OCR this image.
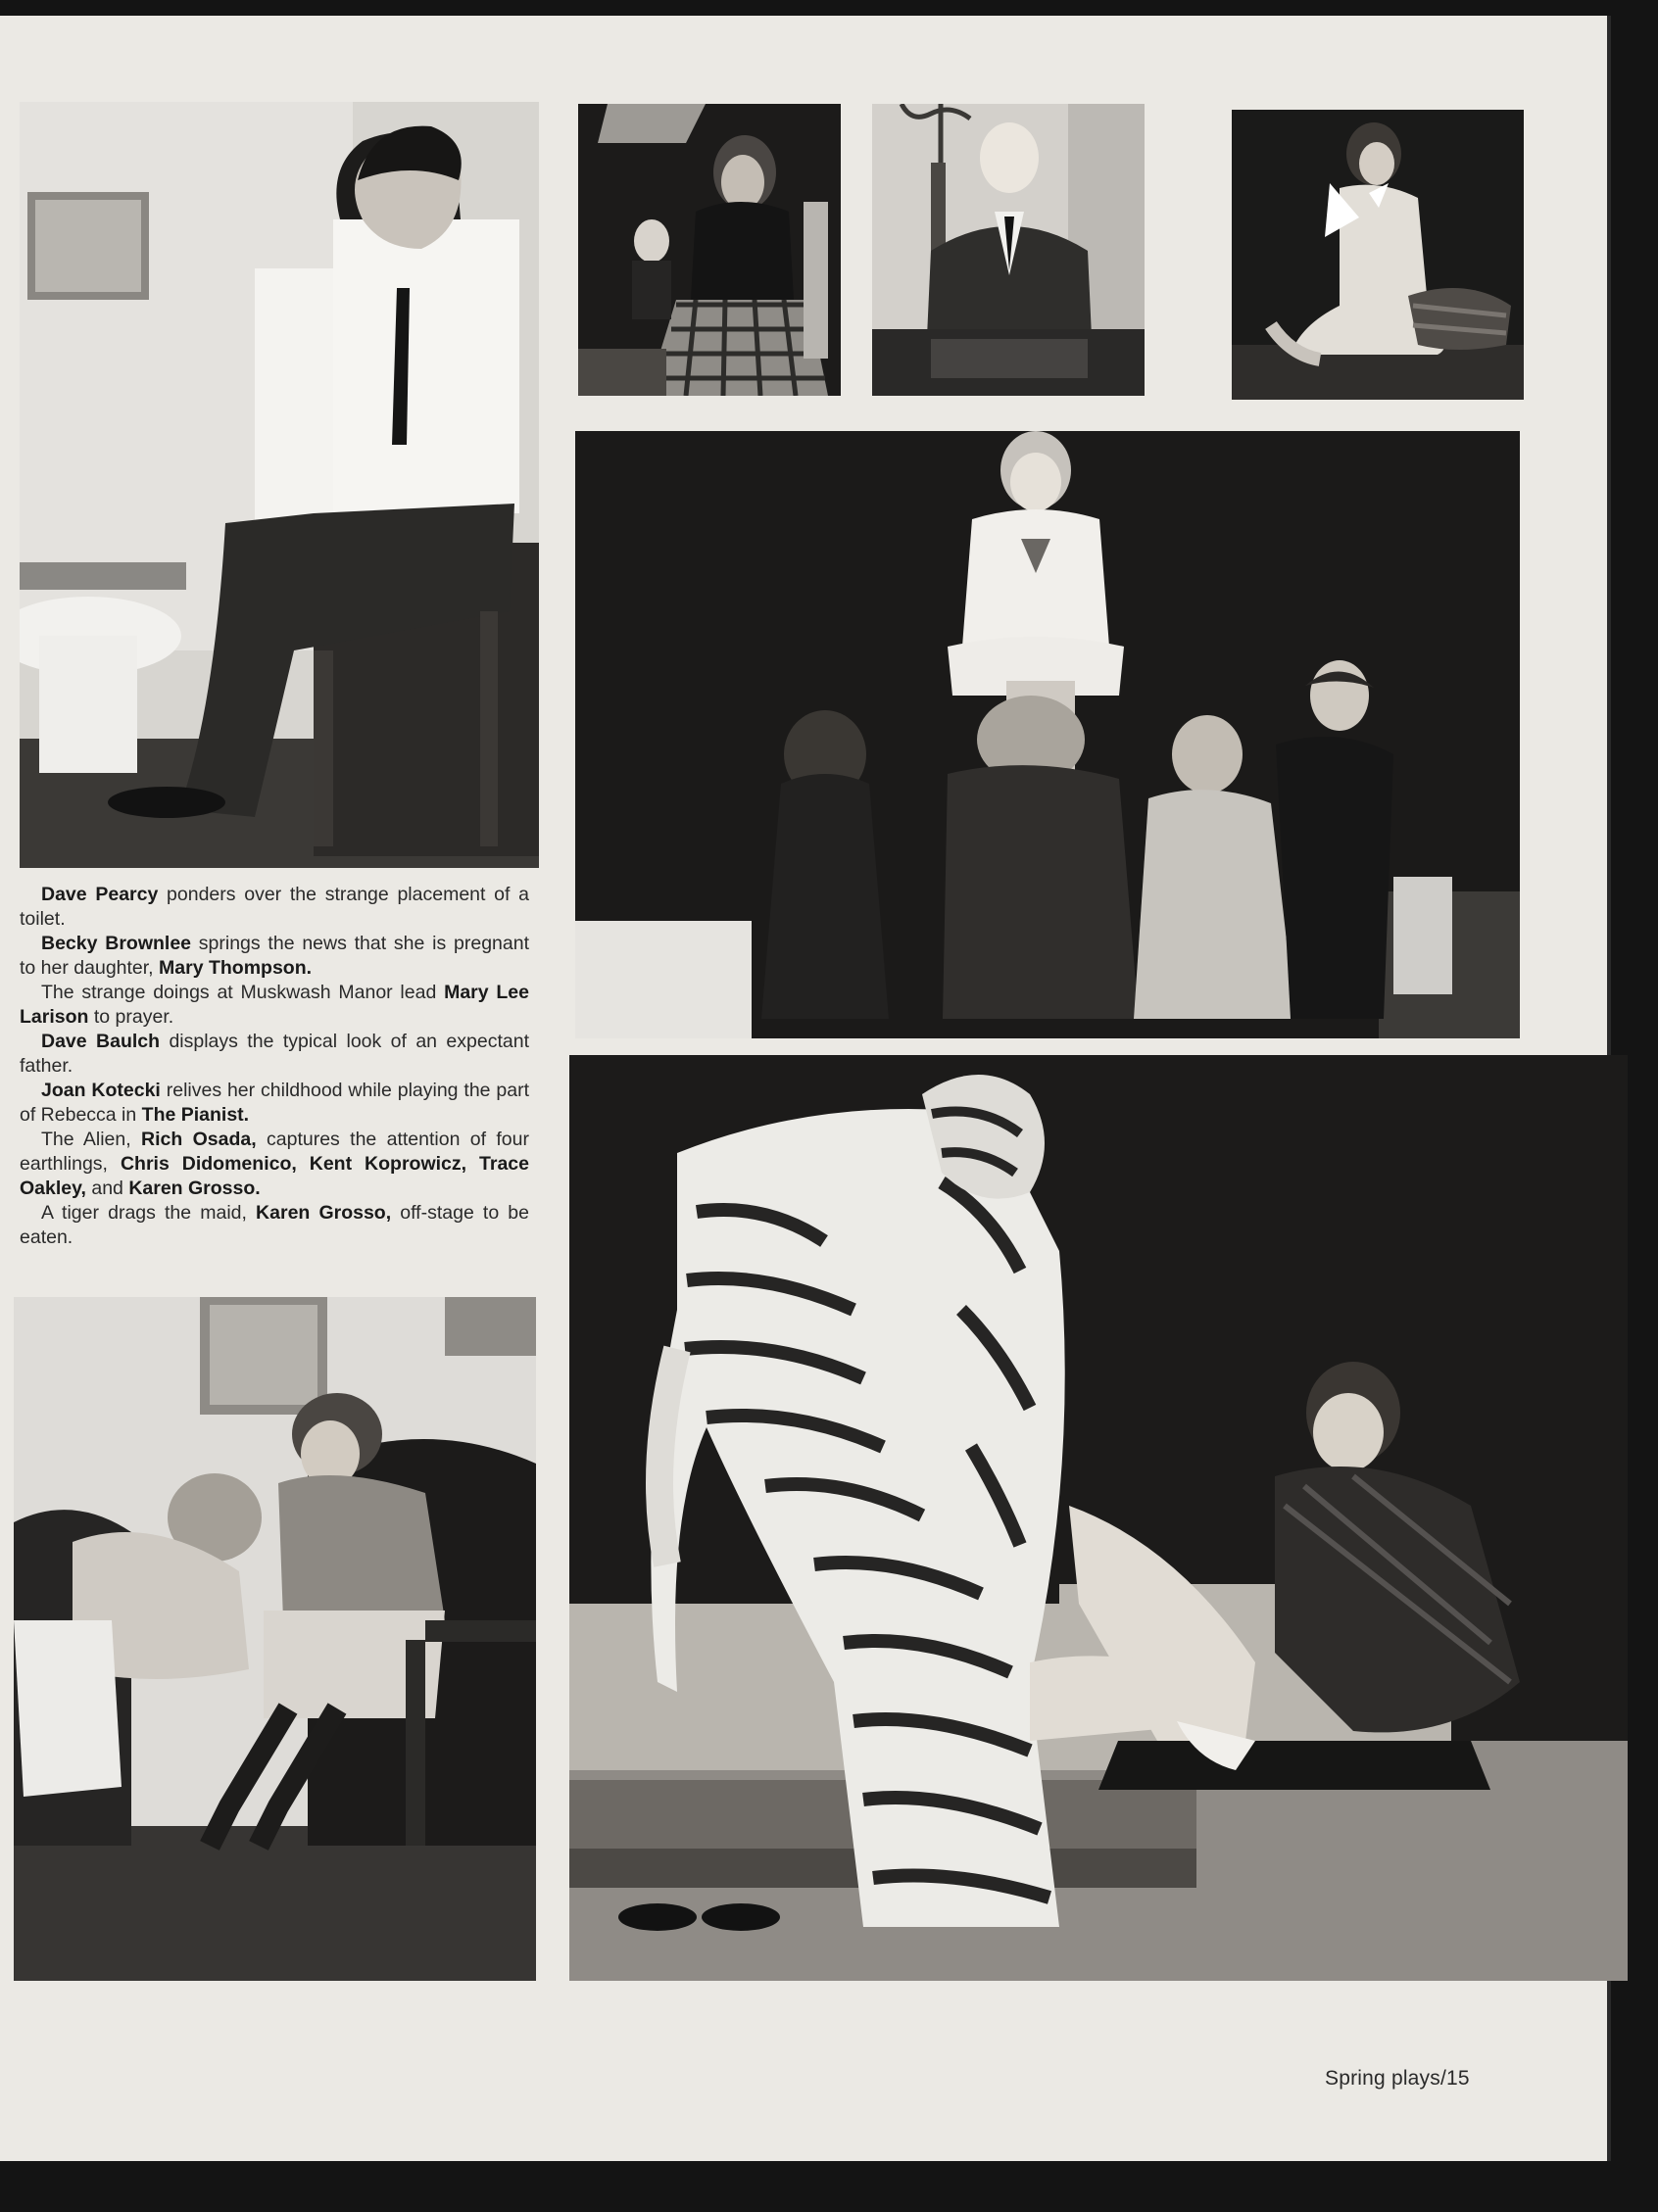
Dave Pearcy ponders over the strange placement of a toilet.

Becky Brownlee springs the news that she is pregnant to her daughter, Mary Thompson.

The strange doings at Muskwash Manor lead Mary Lee Larison to prayer.

Dave Baulch displays the typical look of an expectant father.

Joan Kotecki relives her childhood while playing the part of Rebecca in The Pianist.

The Alien, Rich Osada, captures the attention of four earthlings, Chris Didomenico, Kent Koprowicz, Trace Oakley, and Karen Grosso.

A tiger drags the maid, Karen Grosso, off-stage to be eaten.

Spring plays/15
